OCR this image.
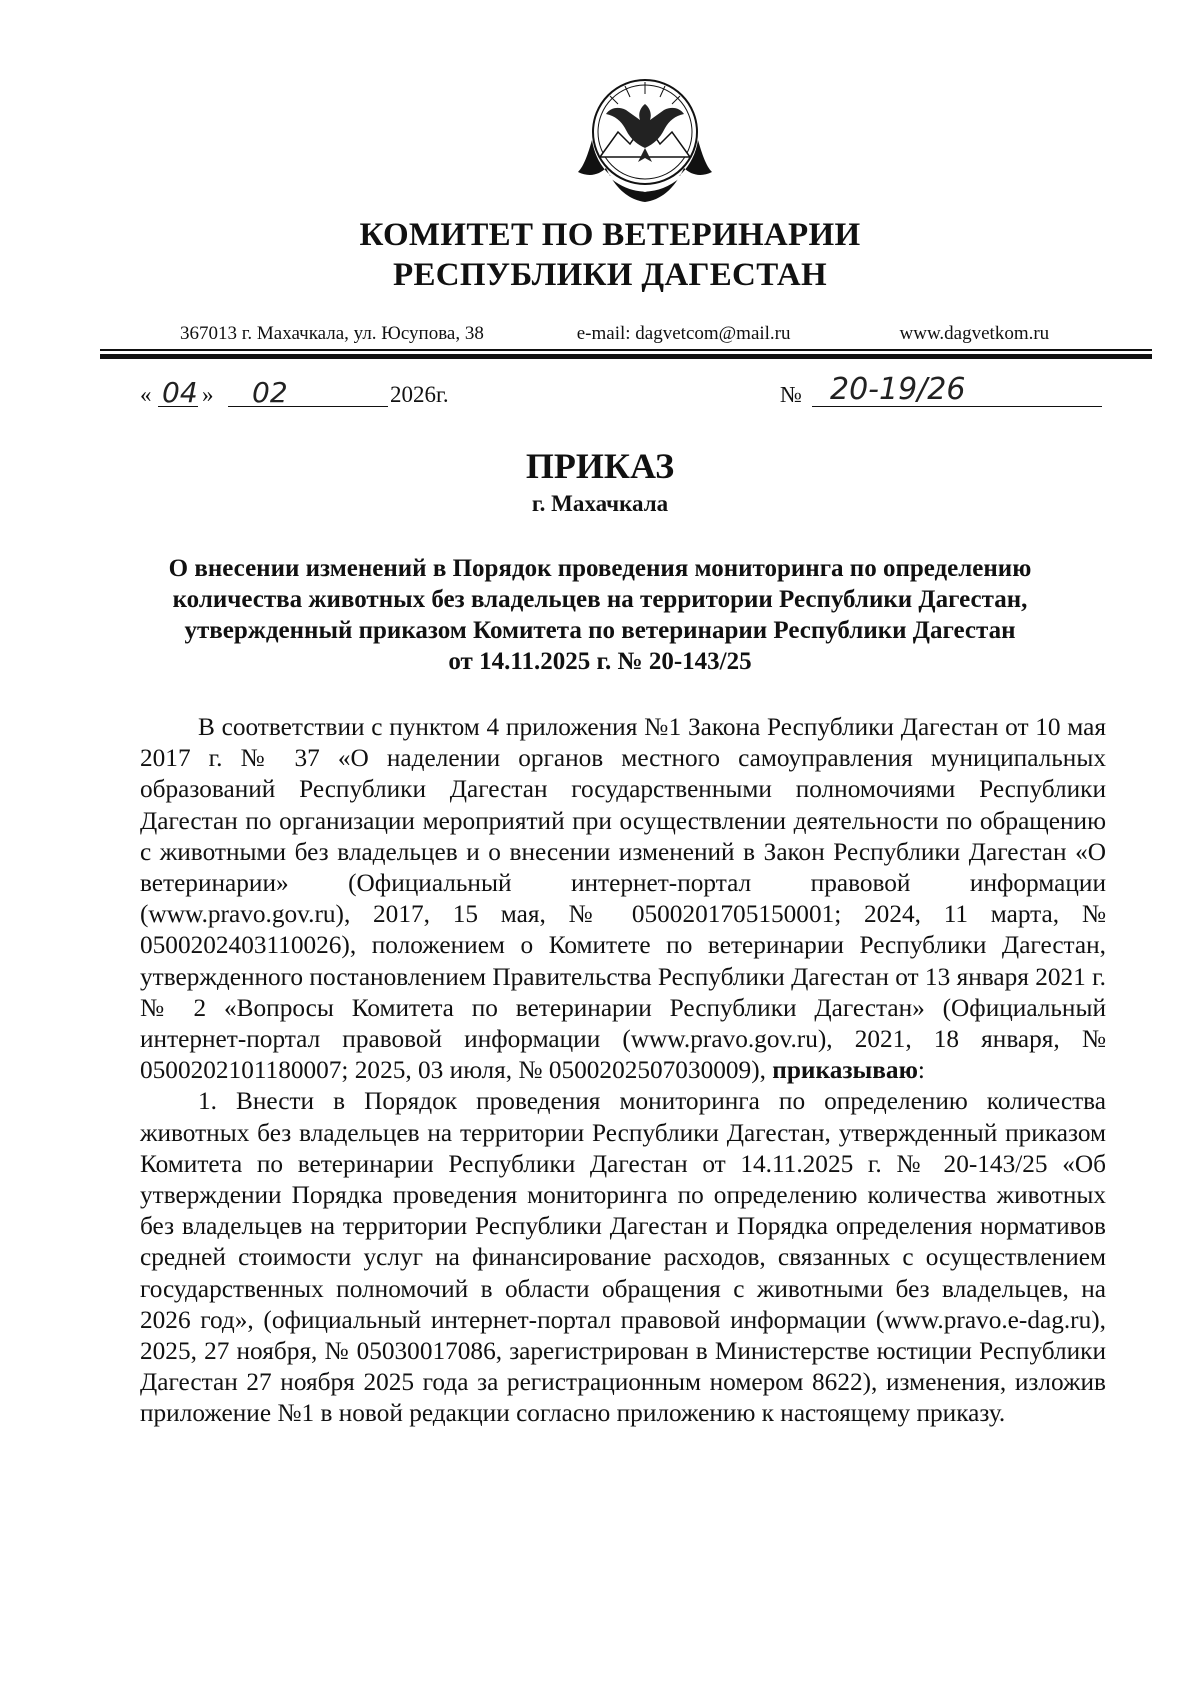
КОМИТЕТ ПО ВЕТЕРИНАРИИ
РЕСПУБЛИКИ ДАГЕСТАН
367013 г. Махачкала, ул. Юсупова, 38	e-mail: dagvetcom@mail.ru	www.dagvetkom.ru
« 04 » 02	2026г.	№ 20-19/26
ПРИКАЗ
г. Махачкала
О внесении изменений в Порядок проведения мониторинга по определению
количества животных без владельцев на территории Республики Дагестан,
утвержденный приказом Комитета по ветеринарии Республики Дагестан
от 14.11.2025 г. № 20-143/25

В соответствии с пунктом 4 приложения №1 Закона Республики Дагестан от 10 мая 2017 г. № 37 «О наделении органов местного самоуправления муниципальных образований Республики Дагестан государственными полномочиями Республики Дагестан по организации мероприятий при осуществлении деятельности по обращению с животными без владельцев и о внесении изменений в Закон Республики Дагестан «О ветеринарии» (Официальный интернет-портал правовой информации (www.pravo.gov.ru), 2017, 15 мая, № 0500201705150001; 2024, 11 марта, № 0500202403110026), положением о Комитете по ветеринарии Республики Дагестан, утвержденного постановлением Правительства Республики Дагестан от 13 января 2021 г. № 2 «Вопросы Комитета по ветеринарии Республики Дагестан» (Официальный интернет-портал правовой информации (www.pravo.gov.ru), 2021, 18 января, № 0500202101180007; 2025, 03 июля, № 0500202507030009), приказываю:

1. Внести в Порядок проведения мониторинга по определению количества животных без владельцев на территории Республики Дагестан, утвержденный приказом Комитета по ветеринарии Республики Дагестан от 14.11.2025 г. № 20-143/25 «Об утверждении Порядка проведения мониторинга по определению количества животных без владельцев на территории Республики Дагестан и Порядка определения нормативов средней стоимости услуг на финансирование расходов, связанных с осуществлением государственных полномочий в области обращения с животными без владельцев, на 2026 год», (официальный интернет-портал правовой информации (www.pravo.e-dag.ru), 2025, 27 ноября, № 05030017086, зарегистрирован в Министерстве юстиции Республики Дагестан 27 ноября 2025 года за регистрационным номером 8622), изменения, изложив приложение №1 в новой редакции согласно приложению к настоящему приказу.
